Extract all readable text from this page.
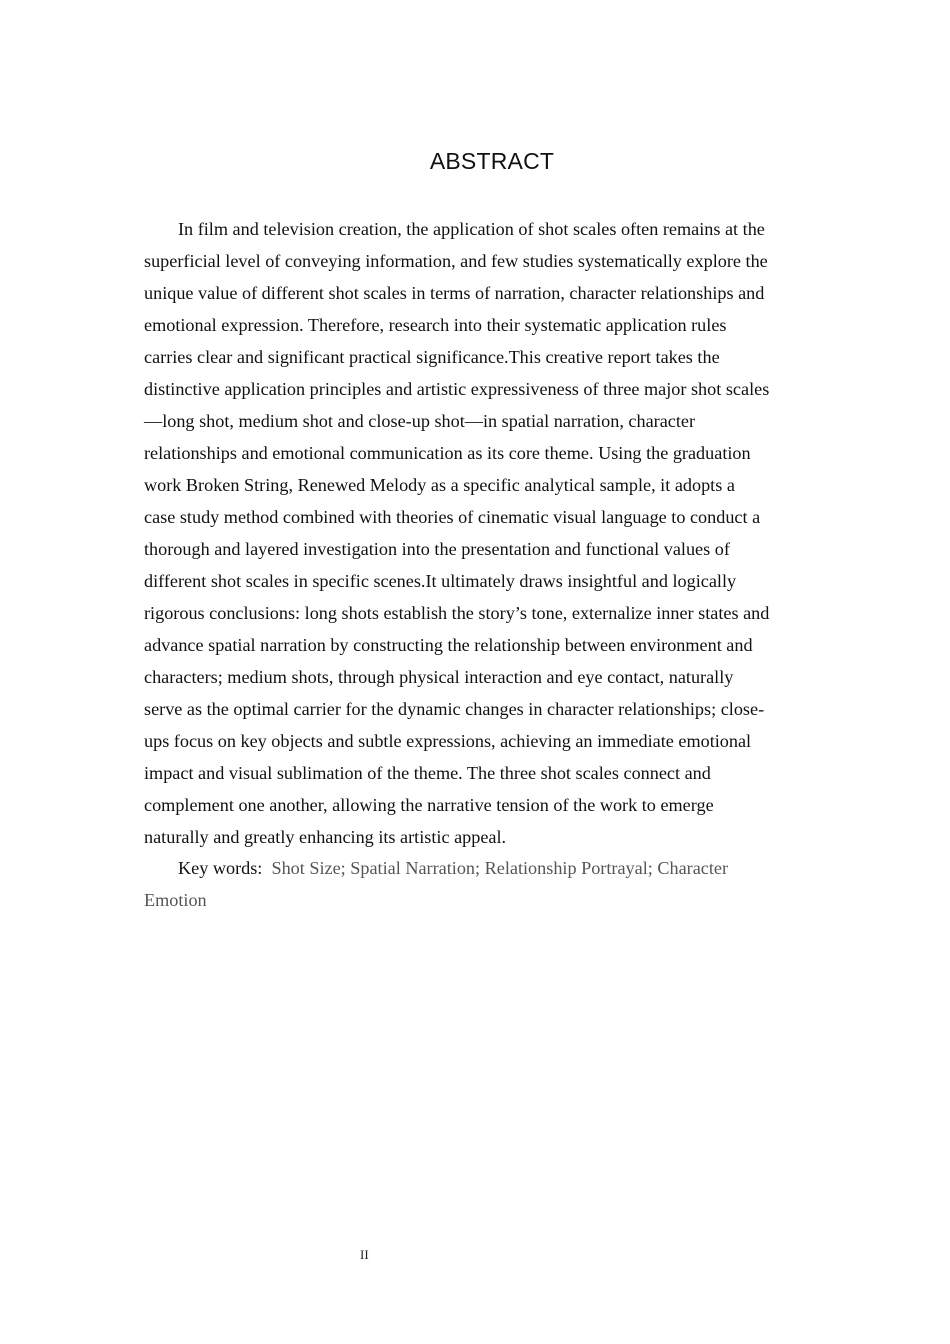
ABSTRACT
In film and television creation, the application of shot scales often remains at the
superficial level of conveying information, and few studies systematically explore the
unique value of different shot scales in terms of narration, character relationships and
emotional expression. Therefore, research into their systematic application rules
carries clear and significant practical significance.This creative report takes the
distinctive application principles and artistic expressiveness of three major shot scales
—long shot, medium shot and close-up shot—in spatial narration, character
relationships and emotional communication as its core theme. Using the graduation
work Broken String, Renewed Melody as a specific analytical sample, it adopts a
case study method combined with theories of cinematic visual language to conduct a
thorough and layered investigation into the presentation and functional values of
different shot scales in specific scenes.It ultimately draws insightful and logically
rigorous conclusions: long shots establish the story’s tone, externalize inner states and
advance spatial narration by constructing the relationship between environment and
characters; medium shots, through physical interaction and eye contact, naturally
serve as the optimal carrier for the dynamic changes in character relationships; close-
ups focus on key objects and subtle expressions, achieving an immediate emotional
impact and visual sublimation of the theme. The three shot scales connect and
complement one another, allowing the narrative tension of the work to emerge
naturally and greatly enhancing its artistic appeal.
Key words:  Shot Size; Spatial Narration; Relationship Portrayal; Character
Emotion
II
